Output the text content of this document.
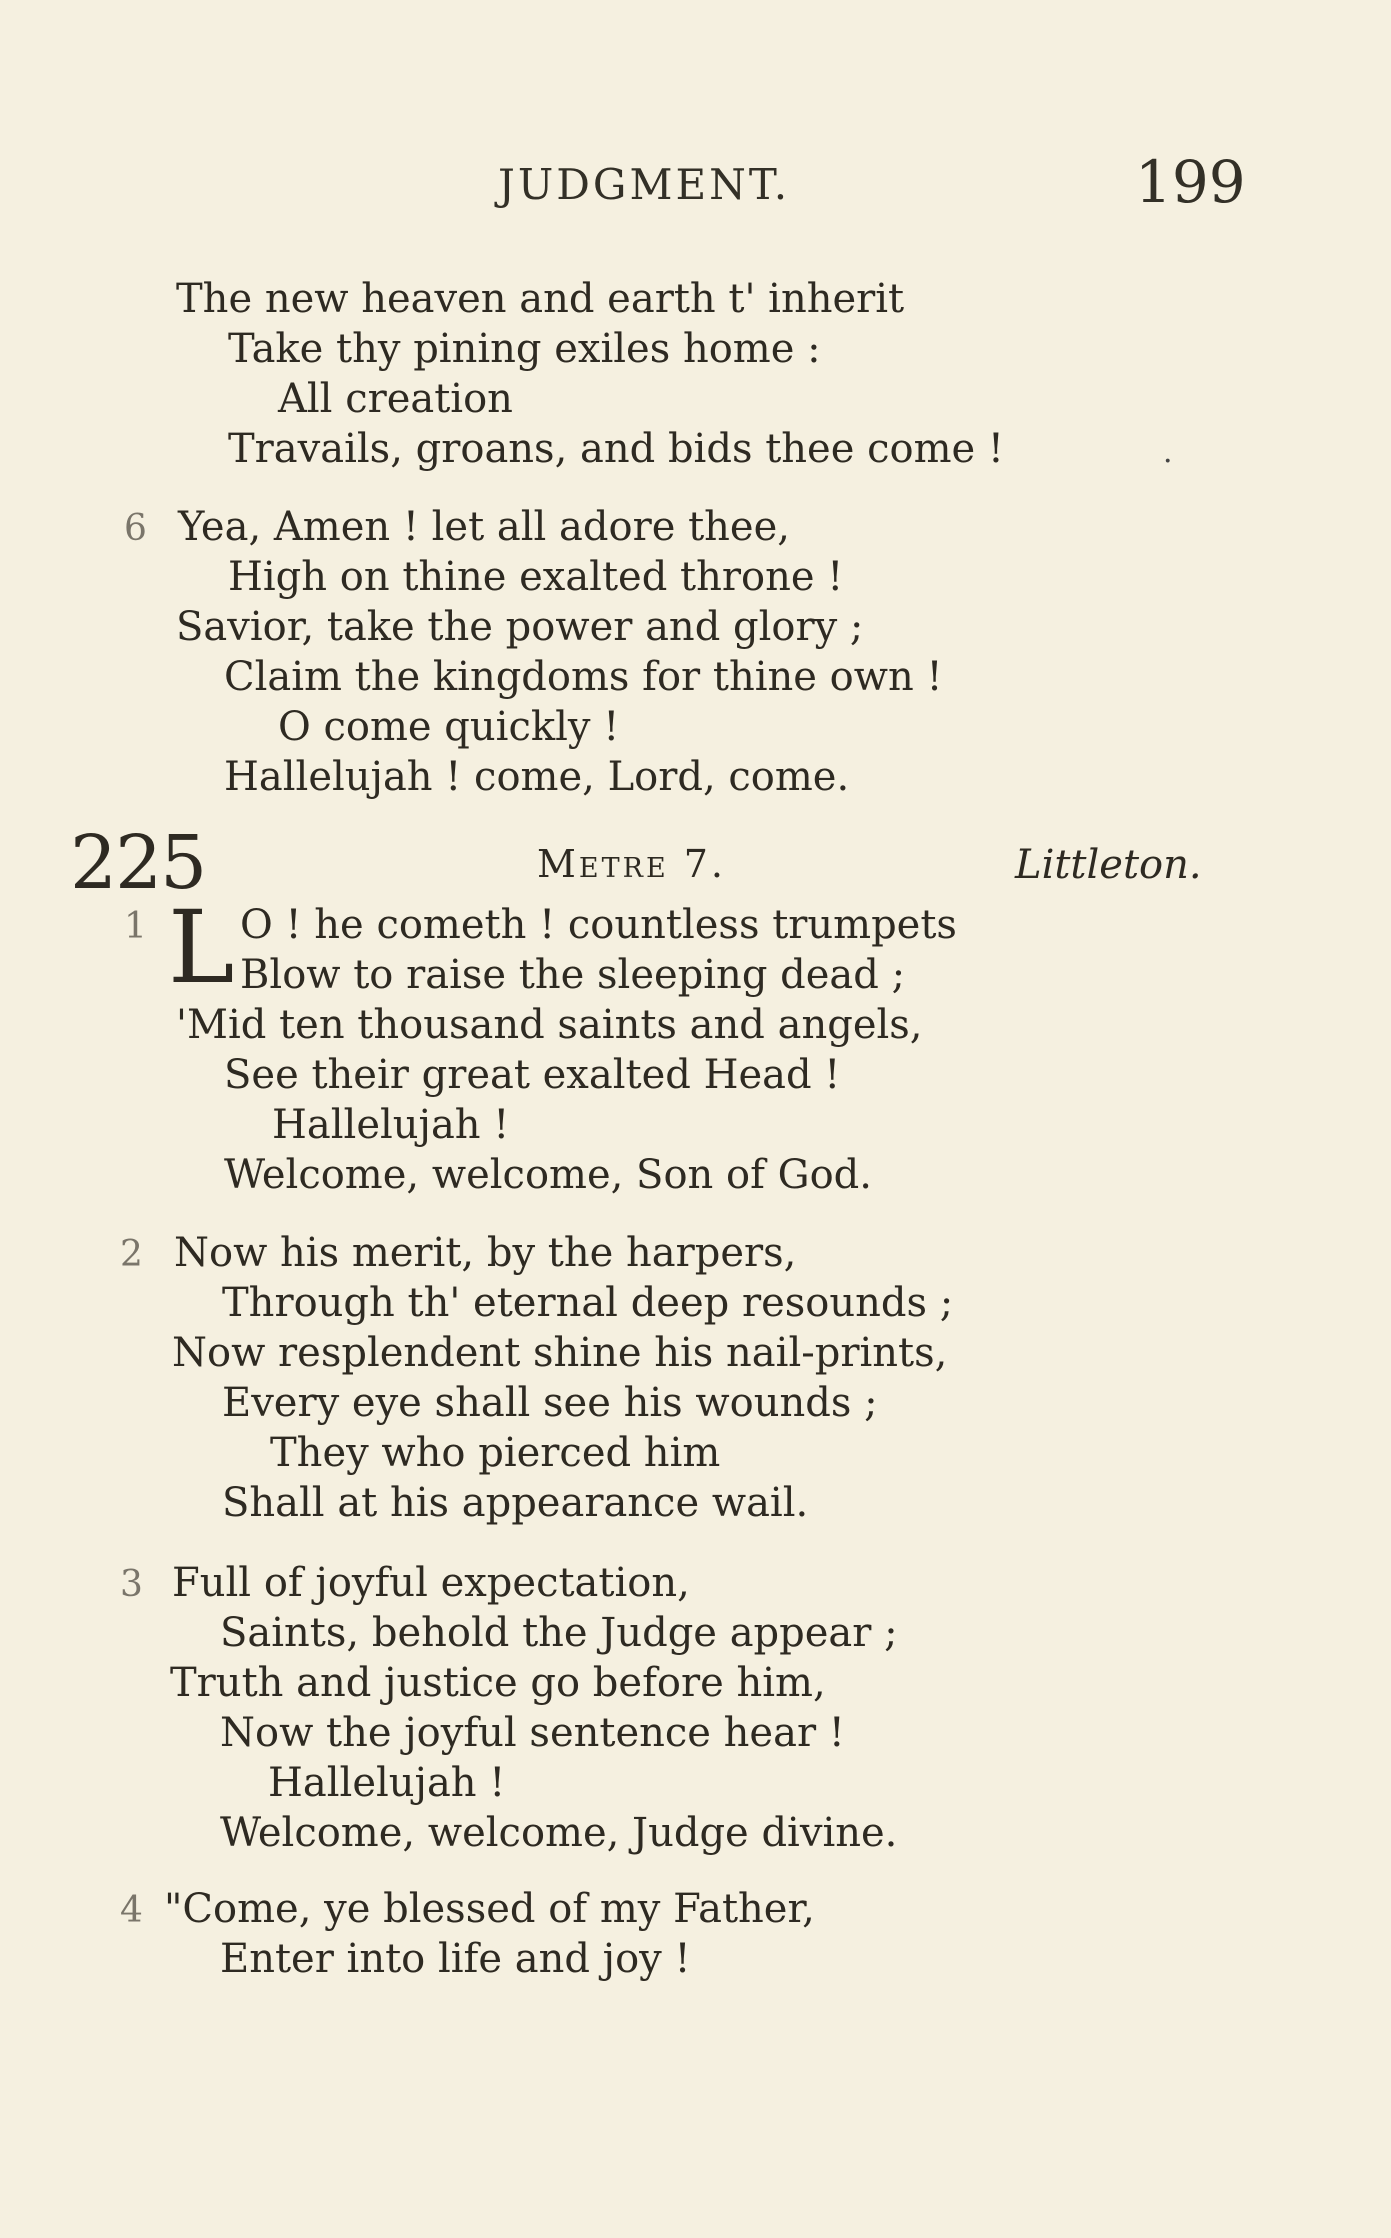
JUDGMENT.	199
The new heaven and earth t' inherit
Take thy pining exiles home :
All creation
Travails, groans, and bids thee come !	·
6 Yea, Amen ! let all adore thee,
High on thine exalted throne !
Savior, take the power and glory ;
Claim the kingdoms for thine own !
O come quickly !
Hallelujah ! come, Lord, come.
225	Metre 7.	Littleton.
1 L O ! he cometh ! countless trumpets
Blow to raise the sleeping dead ;
'Mid ten thousand saints and angels,
See their great exalted Head !
Hallelujah !
Welcome, welcome, Son of God.
2 Now his merit, by the harpers,
Through th' eternal deep resounds ;
Now resplendent shine his nail-prints,
Every eye shall see his wounds ;
They who pierced him
Shall at his appearance wail.
3 Full of joyful expectation,
Saints, behold the Judge appear ;
Truth and justice go before him,
Now the joyful sentence hear !
Hallelujah !
Welcome, welcome, Judge divine.
4 "Come, ye blessed of my Father,
Enter into life and joy !
